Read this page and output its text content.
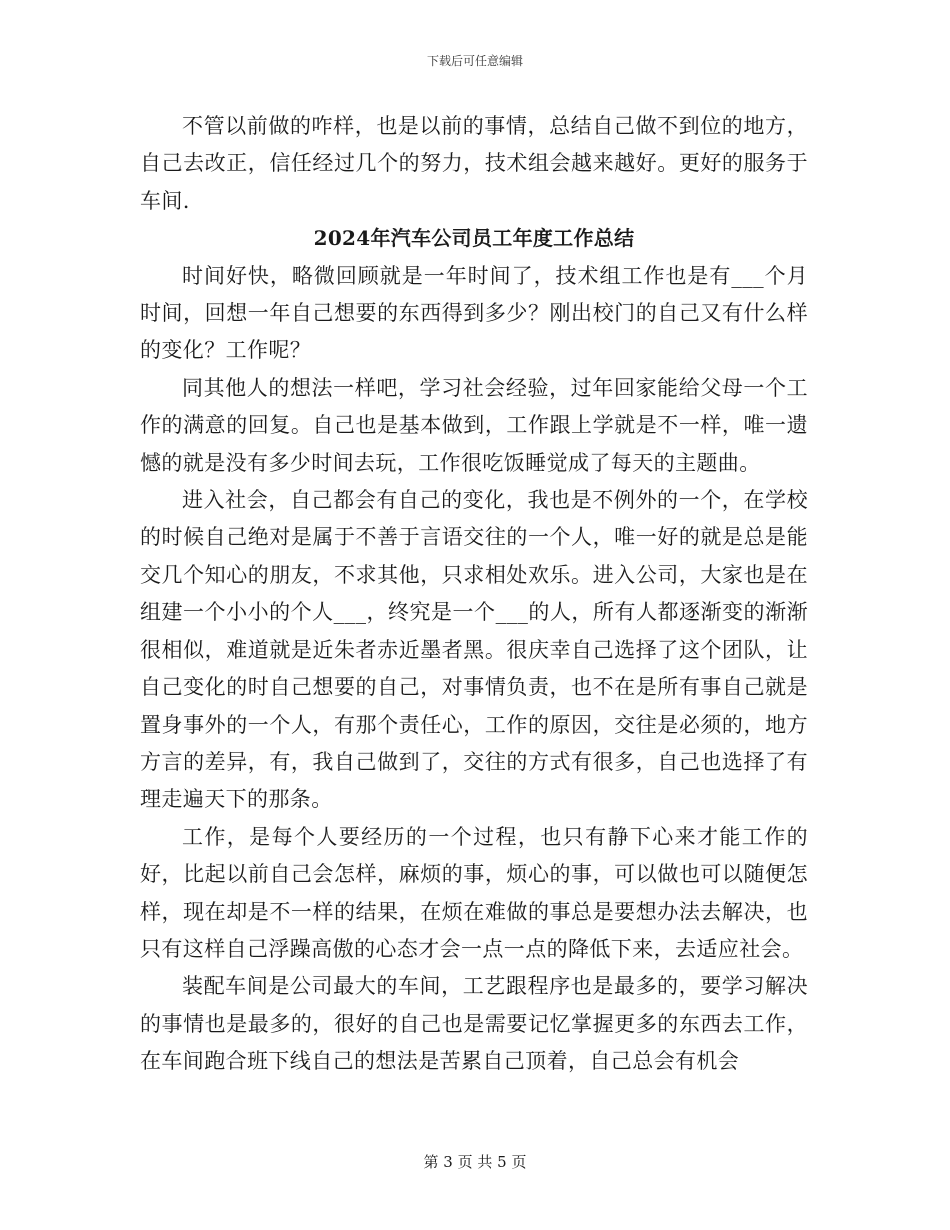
下载后可任意编辑

不管以前做的咋样，也是以前的事情，总结自己做不到位的地方，自己去改正，信任经过几个的努力，技术组会越来越好。更好的服务于车间.

2024年汽车公司员工年度工作总结

时间好快，略微回顾就是一年时间了，技术组工作也是有___个月时间，回想一年自己想要的东西得到多少？刚出校门的自己又有什么样的变化？工作呢？

同其他人的想法一样吧，学习社会经验，过年回家能给父母一个工作的满意的回复。自己也是基本做到，工作跟上学就是不一样，唯一遗憾的就是没有多少时间去玩，工作很吃饭睡觉成了每天的主题曲。

进入社会，自己都会有自己的变化，我也是不例外的一个，在学校的时候自己绝对是属于不善于言语交往的一个人，唯一好的就是总是能交几个知心的朋友，不求其他，只求相处欢乐。进入公司，大家也是在组建一个小小的个人___，终究是一个___的人，所有人都逐渐变的渐渐很相似，难道就是近朱者赤近墨者黑。很庆幸自己选择了这个团队，让自己变化的时自己想要的自己，对事情负责，也不在是所有事自己就是置身事外的一个人，有那个责任心，工作的原因，交往是必须的，地方方言的差异，有，我自己做到了，交往的方式有很多，自己也选择了有理走遍天下的那条。

工作，是每个人要经历的一个过程，也只有静下心来才能工作的好，比起以前自己会怎样，麻烦的事，烦心的事，可以做也可以随便怎样，现在却是不一样的结果，在烦在难做的事总是要想办法去解决，也只有这样自己浮躁高傲的心态才会一点一点的降低下来，去适应社会。

装配车间是公司最大的车间，工艺跟程序也是最多的，要学习解决的事情也是最多的，很好的自己也是需要记忆掌握更多的东西去工作，在车间跑合班下线自己的想法是苦累自己顶着，自己总会有机会

第 3 页 共 5 页
